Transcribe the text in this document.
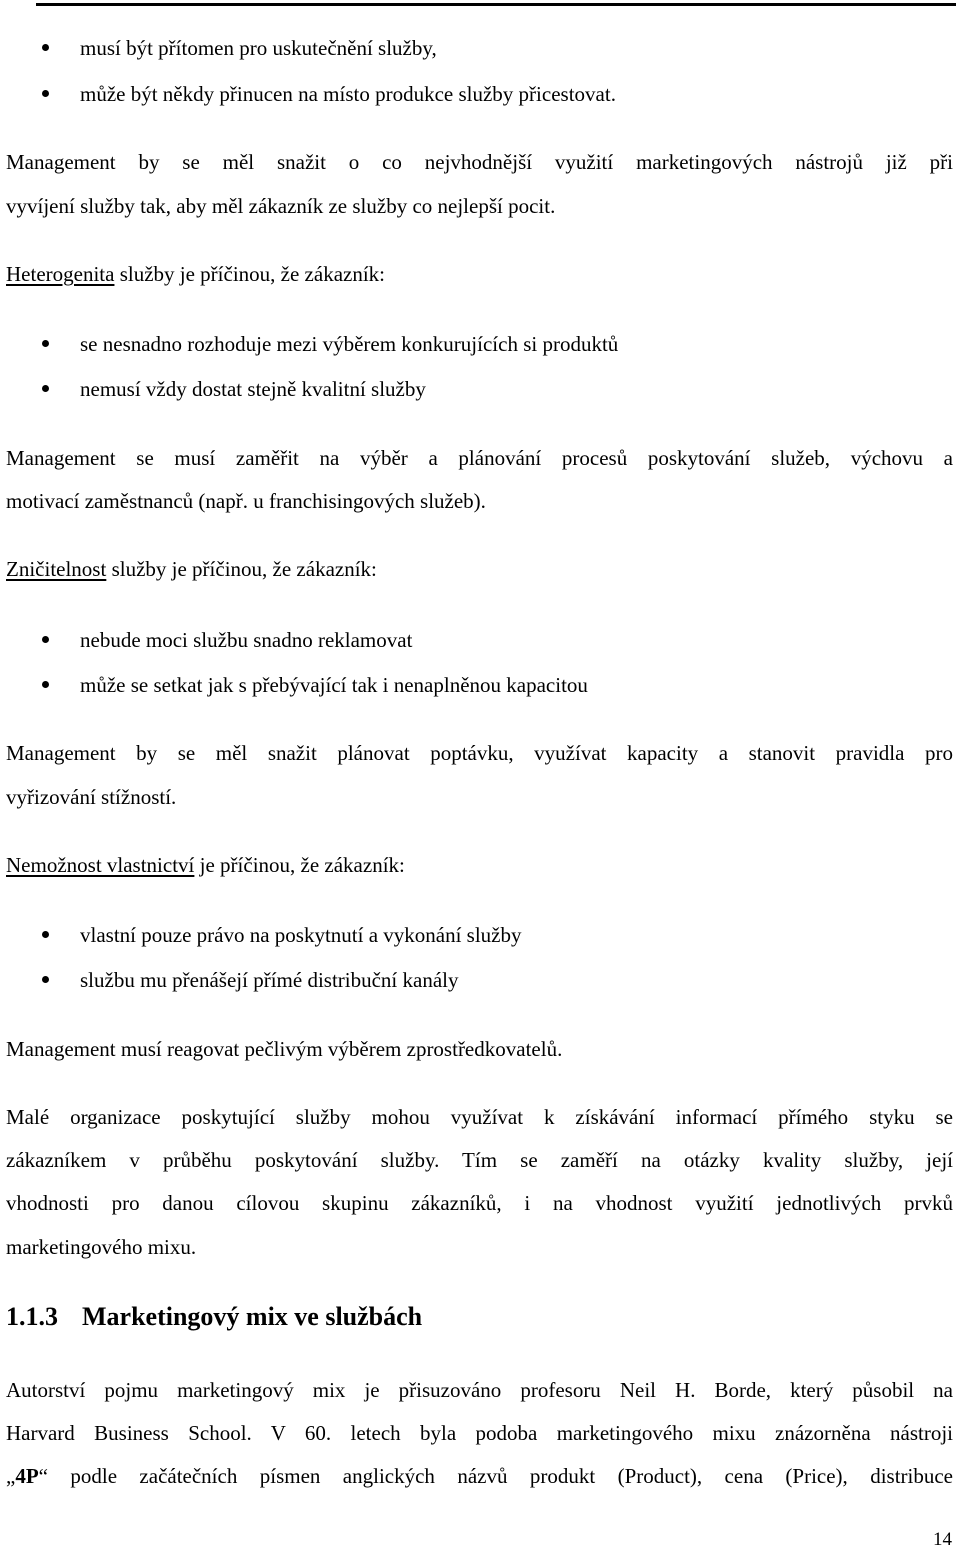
musí být přítomen pro uskutečnění služby,
může být někdy přinucen na místo produkce služby přicestovat.
Management by se měl snažit o co nejvhodnější využití marketingových nástrojů již při
vyvíjení služby tak, aby měl zákazník ze služby co nejlepší pocit.
Heterogenita služby je příčinou, že zákazník:
se nesnadno rozhoduje mezi výběrem konkurujících si produktů
nemusí vždy dostat stejně kvalitní služby
Management se musí zaměřit na výběr a plánování procesů poskytování služeb, výchovu a
motivací zaměstnanců (např. u franchisingových služeb).
Zničitelnost služby je příčinou, že zákazník:
nebude moci službu snadno reklamovat
může se setkat jak s přebývající tak i nenaplněnou kapacitou
Management by se měl snažit plánovat poptávku, využívat kapacity a stanovit pravidla pro
vyřizování stížností.
Nemožnost vlastnictví je příčinou, že zákazník:
vlastní pouze právo na poskytnutí a vykonání služby
službu mu přenášejí přímé distribuční kanály
Management musí reagovat pečlivým výběrem zprostředkovatelů.
Malé organizace poskytující služby mohou využívat k získávání informací přímého styku se
zákazníkem v průběhu poskytování služby. Tím se zaměří na otázky kvality služby, její
vhodnosti pro danou cílovou skupinu zákazníků, i na vhodnost využití jednotlivých prvků
marketingového mixu.
1.1.3 Marketingový mix ve službách
Autorství pojmu marketingový mix je přisuzováno profesoru Neil H. Borde, který působil na
Harvard Business School. V 60. letech byla podoba marketingového mixu znázorněna nástroji
„4P“ podle začátečních písmen anglických názvů produkt (Product), cena (Price), distribuce
14
